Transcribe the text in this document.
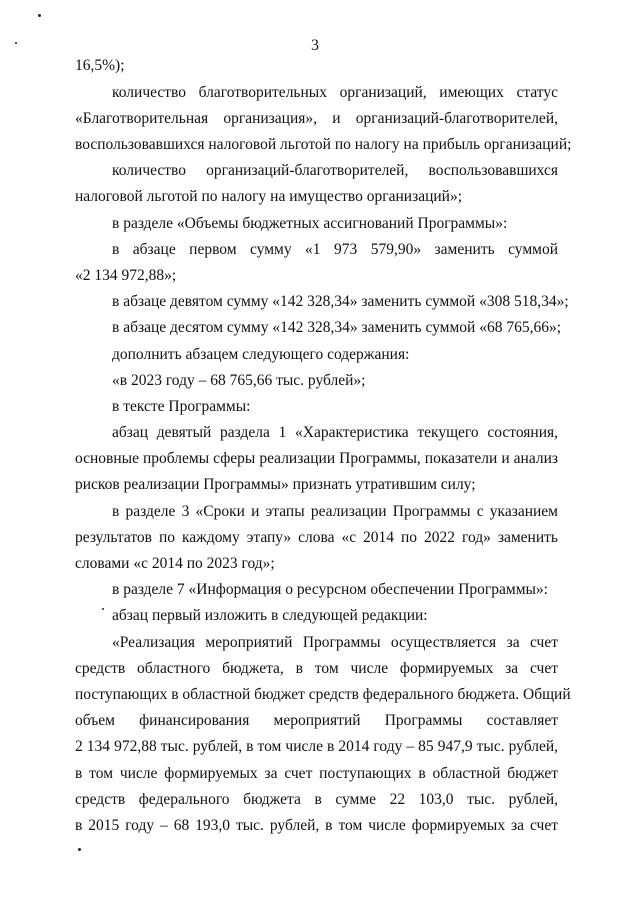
3
16,5%);
количество благотворительных организаций, имеющих статус
«Благотворительная организация», и организаций-благотворителей,
воспользовавшихся налоговой льготой по налогу на прибыль организаций;
количество организаций-благотворителей, воспользовавшихся
налоговой льготой по налогу на имущество организаций»;
в разделе «Объемы бюджетных ассигнований Программы»:
в абзаце первом сумму «1 973 579,90» заменить суммой
«2 134 972,88»;
в абзаце девятом сумму «142 328,34» заменить суммой «308 518,34»;
в абзаце десятом сумму «142 328,34» заменить суммой «68 765,66»;
дополнить абзацем следующего содержания:
«в 2023 году – 68 765,66 тыс. рублей»;
в тексте Программы:
абзац девятый раздела 1 «Характеристика текущего состояния,
основные проблемы сферы реализации Программы, показатели и анализ
рисков реализации Программы» признать утратившим силу;
в разделе 3 «Сроки и этапы реализации Программы с указанием
результатов по каждому этапу» слова «с 2014 по 2022 год» заменить
словами «с 2014 по 2023 год»;
в разделе 7 «Информация о ресурсном обеспечении Программы»:
абзац первый изложить в следующей редакции:
«Реализация мероприятий Программы осуществляется за счет
средств областного бюджета, в том числе формируемых за счет
поступающих в областной бюджет средств федерального бюджета. Общий
объем финансирования мероприятий Программы составляет
2 134 972,88 тыс. рублей, в том числе в 2014 году – 85 947,9 тыс. рублей,
в том числе формируемых за счет поступающих в областной бюджет
средств федерального бюджета в сумме 22 103,0 тыс. рублей,
в 2015 году – 68 193,0 тыс. рублей, в том числе формируемых за счет
